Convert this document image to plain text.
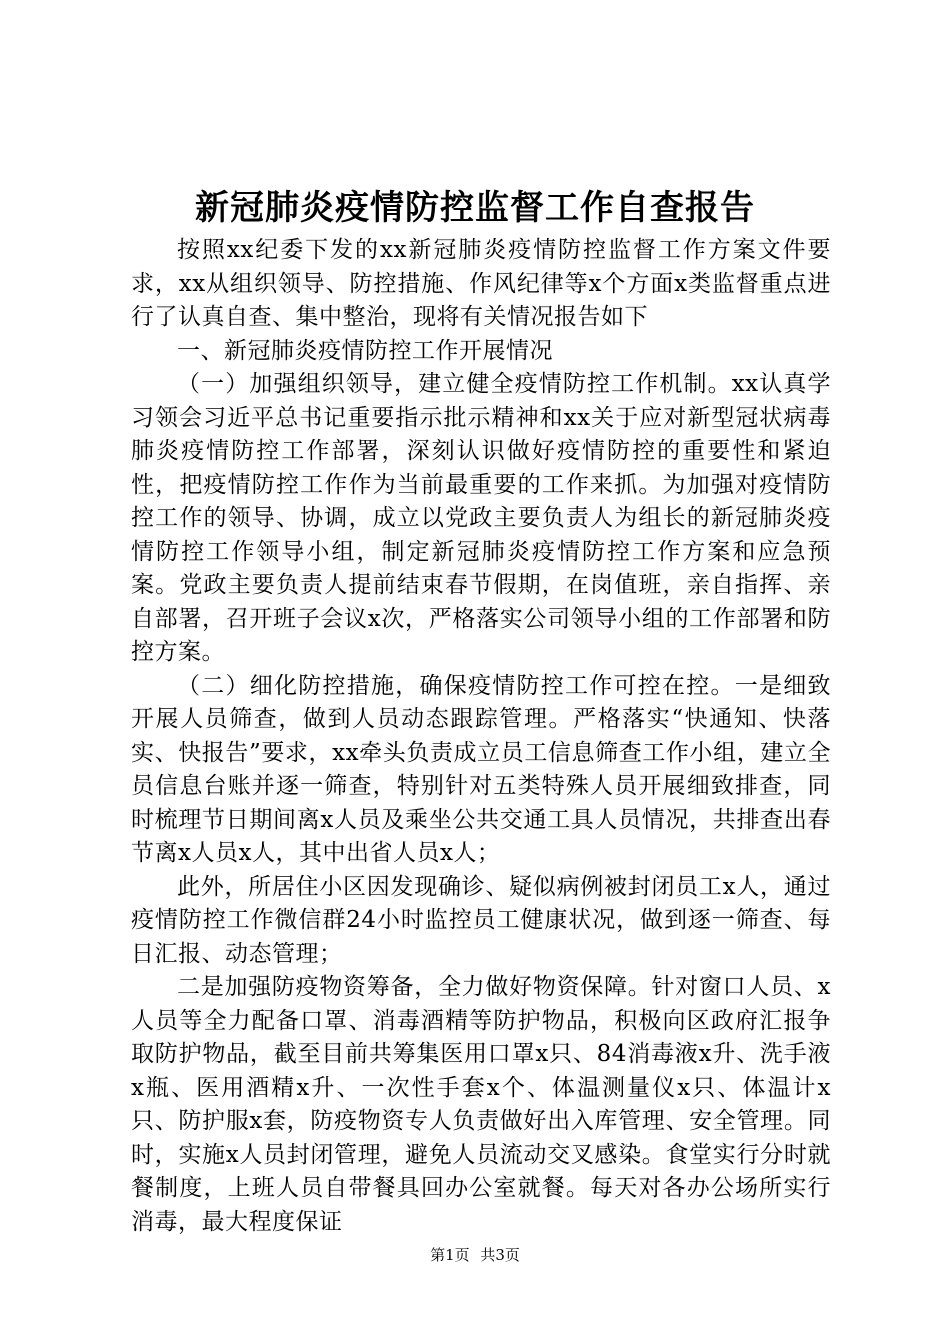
新冠肺炎疫情防控监督工作自查报告

按照xx纪委下发的xx新冠肺炎疫情防控监督工作方案文件要求，xx从组织领导、防控措施、作风纪律等x个方面x类监督重点进行了认真自查、集中整治，现将有关情况报告如下

一、新冠肺炎疫情防控工作开展情况

（一）加强组织领导，建立健全疫情防控工作机制。xx认真学习领会习近平总书记重要指示批示精神和xx关于应对新型冠状病毒肺炎疫情防控工作部署，深刻认识做好疫情防控的重要性和紧迫性，把疫情防控工作作为当前最重要的工作来抓。为加强对疫情防控工作的领导、协调，成立以党政主要负责人为组长的新冠肺炎疫情防控工作领导小组，制定新冠肺炎疫情防控工作方案和应急预案。党政主要负责人提前结束春节假期，在岗值班，亲自指挥、亲自部署，召开班子会议x次，严格落实公司领导小组的工作部署和防控方案。

（二）细化防控措施，确保疫情防控工作可控在控。一是细致开展人员筛查，做到人员动态跟踪管理。严格落实“快通知、快落实、快报告”要求，xx牵头负责成立员工信息筛查工作小组，建立全员信息台账并逐一筛查，特别针对五类特殊人员开展细致排查，同时梳理节日期间离x人员及乘坐公共交通工具人员情况，共排查出春节离x人员x人，其中出省人员x人；

此外，所居住小区因发现确诊、疑似病例被封闭员工x人，通过疫情防控工作微信群24小时监控员工健康状况，做到逐一筛查、每日汇报、动态管理；

二是加强防疫物资筹备，全力做好物资保障。针对窗口人员、x人员等全力配备口罩、消毒酒精等防护物品，积极向区政府汇报争取防护物品，截至目前共筹集医用口罩x只、84消毒液x升、洗手液x瓶、医用酒精x升、一次性手套x个、体温测量仪x只、体温计x只、防护服x套，防疫物资专人负责做好出入库管理、安全管理。同时，实施x人员封闭管理，避免人员流动交叉感染。食堂实行分时就餐制度，上班人员自带餐具回办公室就餐。每天对各办公场所实行消毒，最大程度保证

第1页 共3页
